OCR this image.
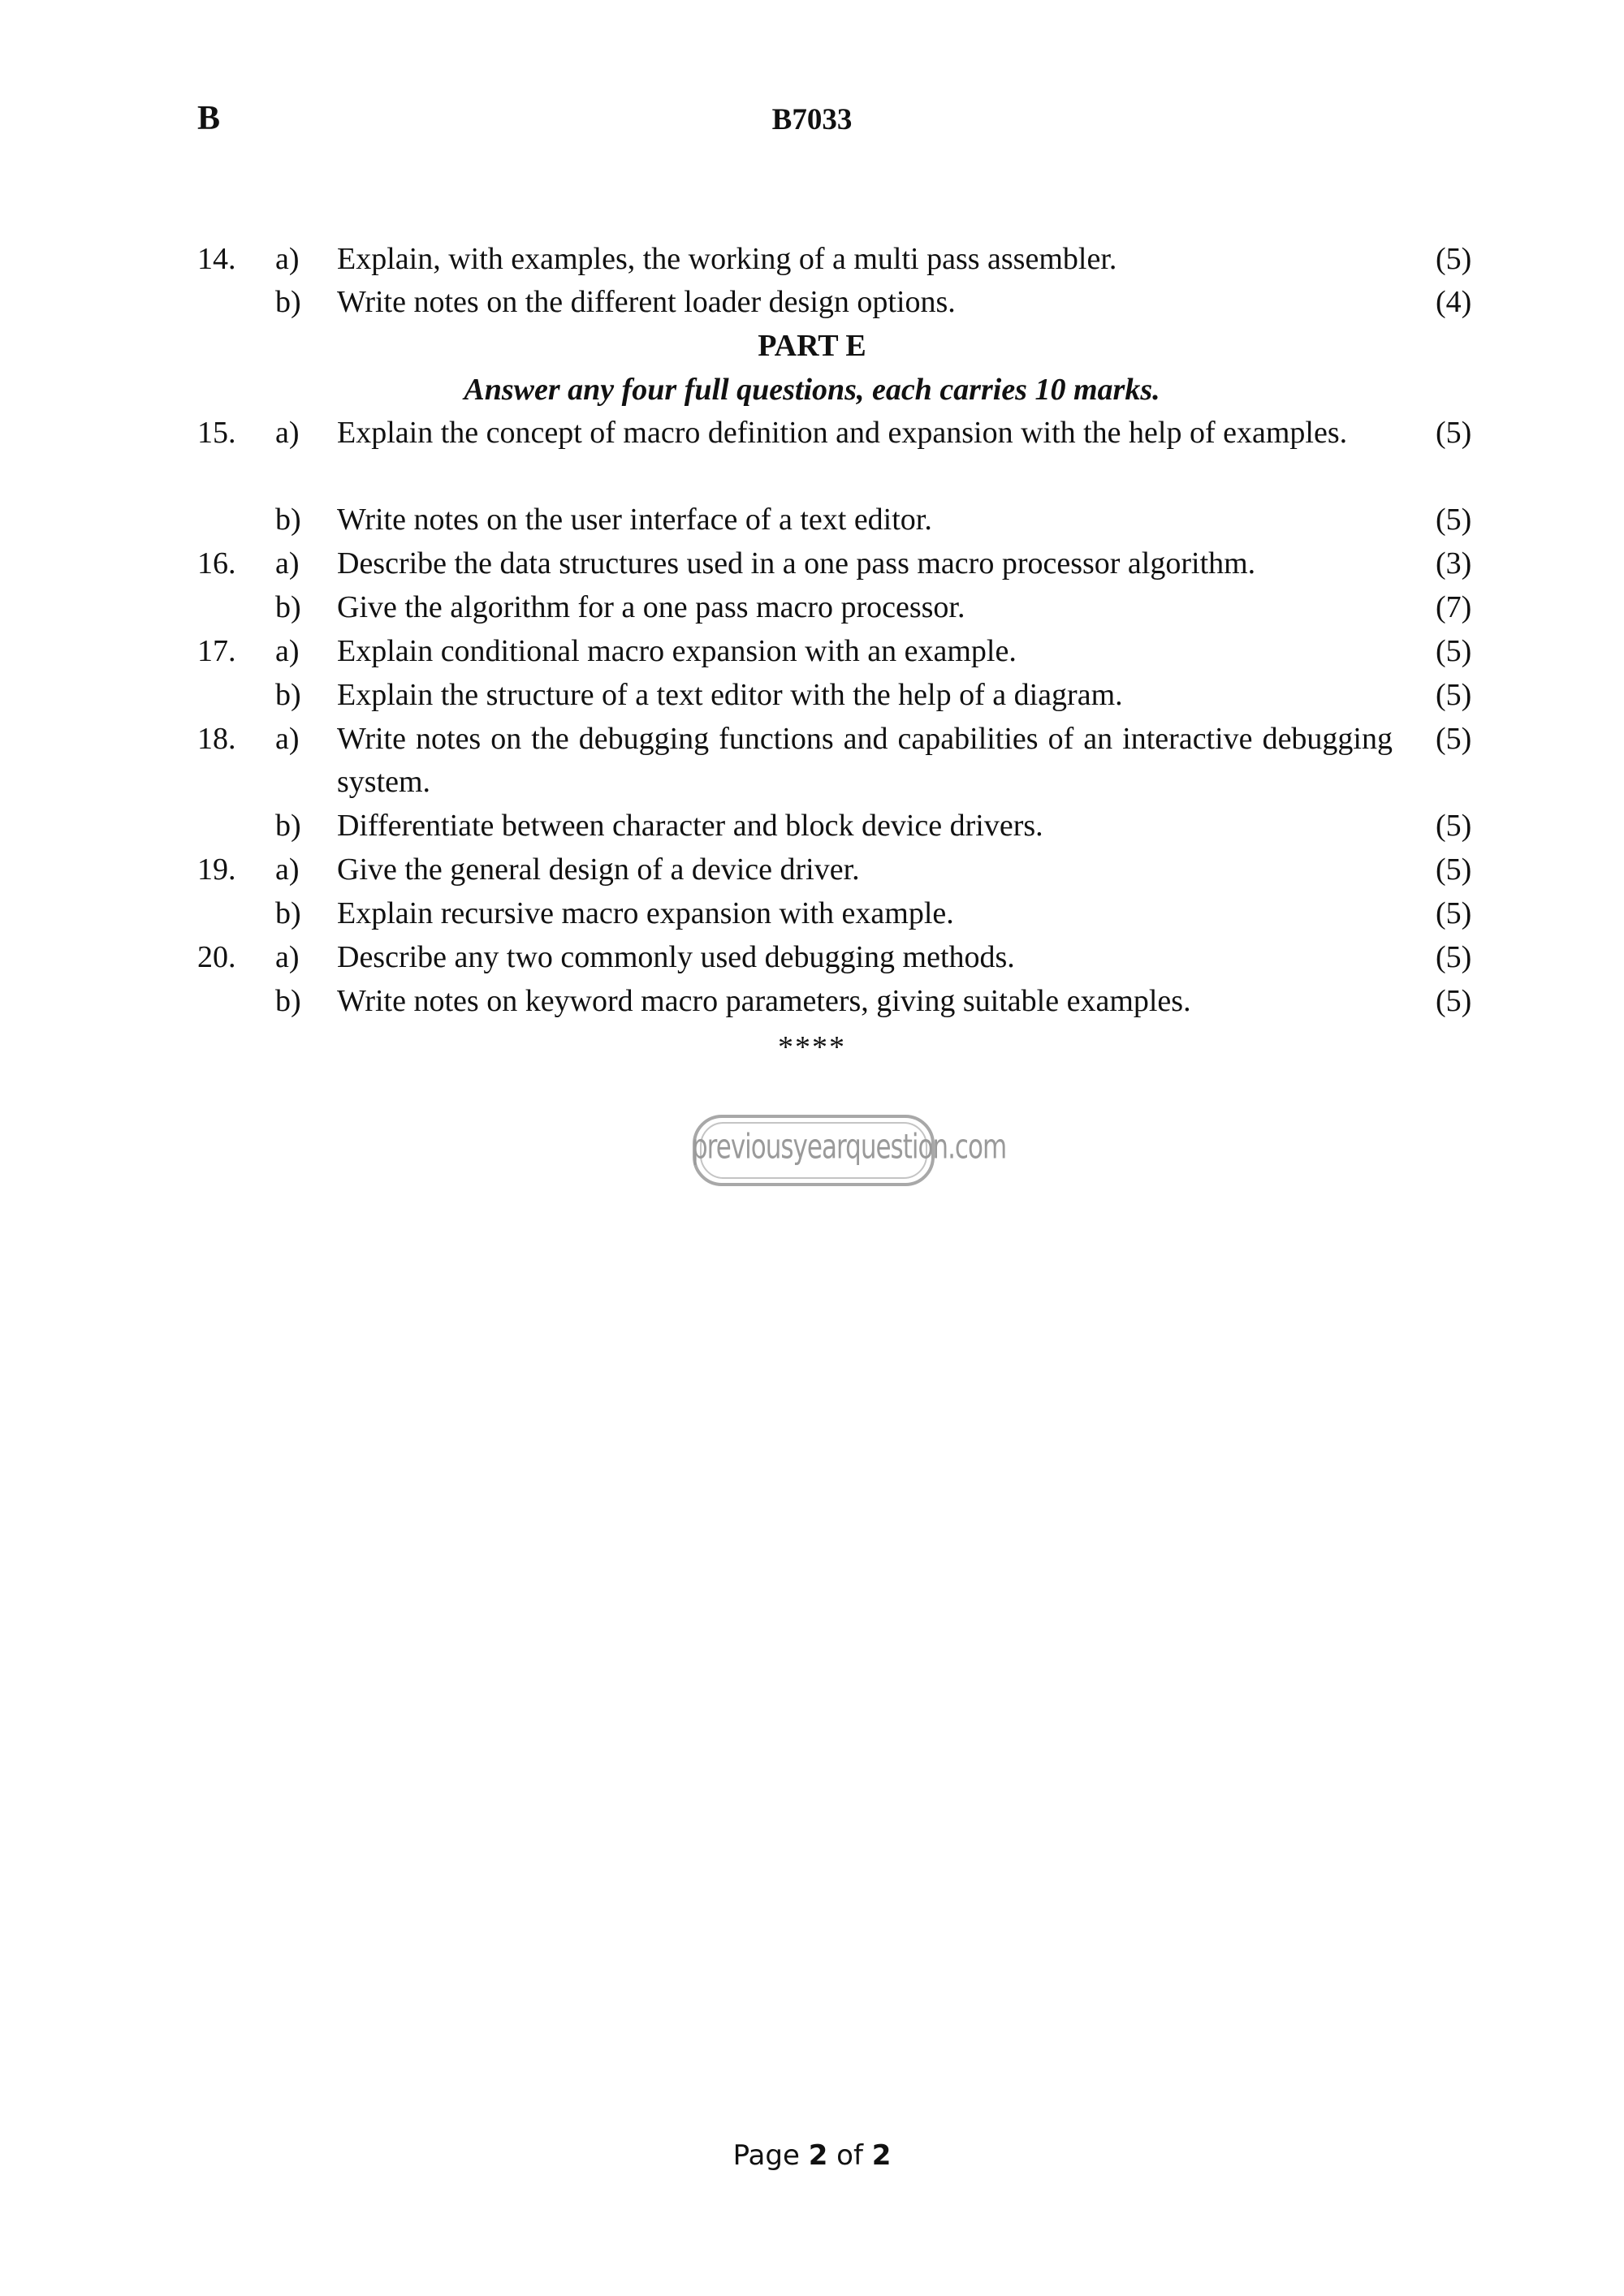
B	B7033
14. a) Explain, with examples, the working of a multi pass assembler.	(5)
b) Write notes on the different loader design options.	(4)
PART E
Answer any four full questions, each carries 10 marks.
15. a) Explain the concept of macro definition and expansion with the help of examples.	(5)
b) Write notes on the user interface of a text editor.	(5)
16. a) Describe the data structures used in a one pass macro processor algorithm.	(3)
b) Give the algorithm for a one pass macro processor.	(7)
17. a) Explain conditional macro expansion with an example.	(5)
b) Explain the structure of a text editor with the help of a diagram.	(5)
18. a) Write notes on the debugging functions and capabilities of an interactive debugging system.
(5)
b) Differentiate between character and block device drivers.	(5)
19. a) Give the general design of a device driver.	(5)
b) Explain recursive macro expansion with example.	(5)
20. a) Describe any two commonly used debugging methods.	(5)
b) Write notes on keyword macro parameters, giving suitable examples.	(5)
****
previousyearquestion.com
Page 2 of 2
